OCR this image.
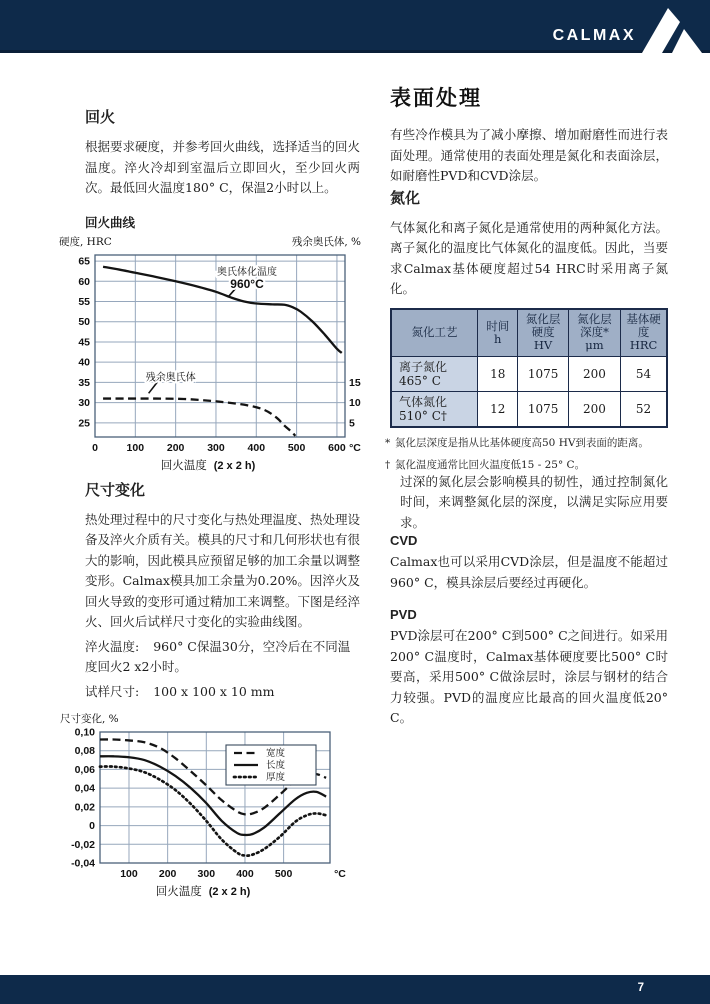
CALMAX
回火

根据要求硬度，并参考回火曲线，选择适当的回火温度。淬火冷却到室温后立即回火，至少回火两次。最低回火温度180° C，保温2小时以上。

回火曲线
25
30
35
40
45
50
55
60
65
15
10
5
0	100 200 300 400 500 600 °C
硬度, HRC	残余奥氏体, %
回火温度 (2 x 2 h)
奥氏体化温度
960°C
残余奥氏体
尺寸变化

热处理过程中的尺寸变化与热处理温度、热处理设备及淬火介质有关。模具的尺寸和几何形状也有很大的影响，因此模具应预留足够的加工余量以调整变形。Calmax模具加工余量为0.20%。因淬火及回火导致的变形可通过精加工来调整。下图是经淬火、回火后试样尺寸变化的实验曲线图。

淬火温度: 960° C保温30分，空冷后在不同温度回火2 x2小时。

试样尺寸: 100 x 100 x 10 mm

0,10
0,08
0,06
0,04
0,02
0
-0,02
-0,04
100 200 300 400 500	°C
尺寸变化, %
回火温度 (2 x 2 h)
宽度
长度
厚度
表面处理

有些冷作模具为了减小摩擦、增加耐磨性而进行表面处理。通常使用的表面处理是氮化和表面涂层，如耐磨性PVD和CVD涂层。

氮化

气体氮化和离子氮化是通常使用的两种氮化方法。离子氮化的温度比气体氮化的温度低。因此，当要求Calmax基体硬度超过54 HRC时采用离子氮化。

氮化工艺	时间 h	氮化层 硬度 HV	氮化层 深度* μm	基体硬度 HRC
离子氮化
465° C	18	1075	200	54
气体氮化
510° C†	12	1075	200	52

* 氮化层深度是指从比基体硬度高50 HV到表面的距离。

† 氮化温度通常比回火温度低15 - 25° C。

过深的氮化层会影响模具的韧性，通过控制氮化时间，来调整氮化层的深度，以满足实际应用要求。

CVD

Calmax也可以采用CVD涂层，但是温度不能超过960° C，模具涂层后要经过再硬化。

PVD

PVD涂层可在200° C到500° C之间进行。如采用200° C温度时，Calmax基体硬度要比500° C时要高，采用500° C做涂层时，涂层与钢材的结合力较强。PVD的温度应比最高的回火温度低20° C。

7
